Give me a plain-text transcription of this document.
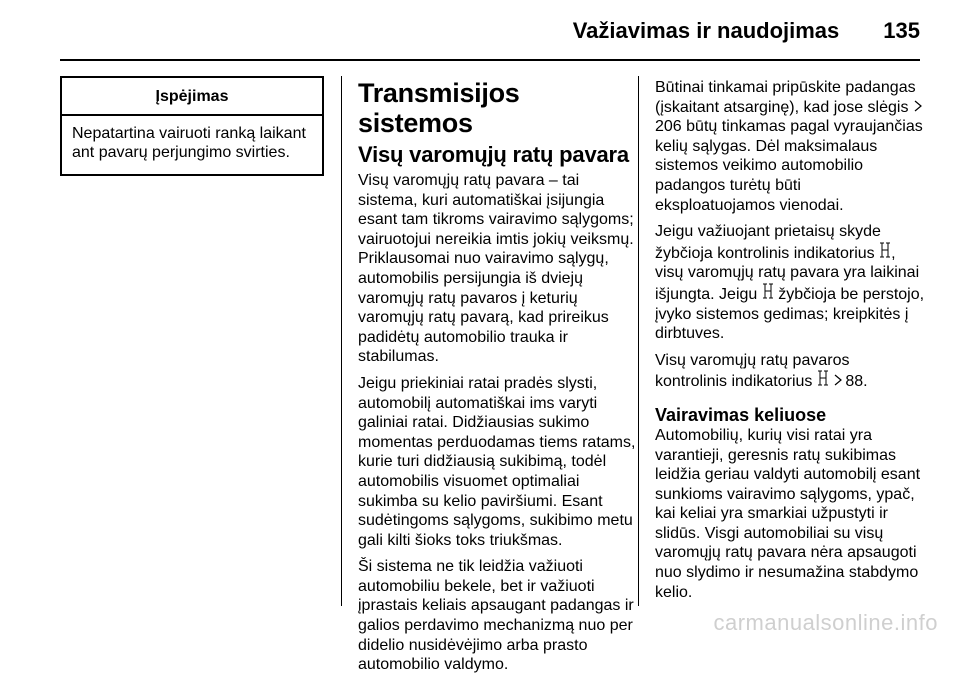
Važiavimas ir naudojimas 135
Įspėjimas
Nepatartina vairuoti ranką laikant ant pavarų perjungimo svirties.
Transmisijos sistemos
Visų varomųjų ratų pavara

Visų varomųjų ratų pavara – tai sistema, kuri automatiškai įsijungia esant tam tikroms vairavimo sąlygoms; vairuotojui nereikia imtis jokių veiksmų. Priklausomai nuo vairavimo sąlygų, automobilis persijungia iš dviejų varomųjų ratų pavaros į keturių varomųjų ratų pavarą, kad prireikus padidėtų automobilio trauka ir stabilumas.

Jeigu priekiniai ratai pradės slysti, automobilį automatiškai ims varyti galiniai ratai. Didžiausias sukimo momentas perduodamas tiems ratams, kurie turi didžiausią sukibimą, todėl automobilis visuomet optimaliai sukimba su kelio paviršiumi. Esant sudėtingoms sąlygoms, sukibimo metu gali kilti šioks toks triukšmas.

Ši sistema ne tik leidžia važiuoti automobiliu bekele, bet ir važiuoti įprastais keliais apsaugant padangas ir galios perdavimo mechanizmą nuo per didelio nusidėvėjimo arba prasto automobilio valdymo.

Būtinai tinkamai pripūskite padangas (įskaitant atsarginę), kad jose slėgis 206 būtų tinkamas pagal vyraujančias kelių sąlygas. Dėl maksimalaus sistemos veikimo automobilio padangos turėtų būti eksploatuojamos vienodai.

Jeigu važiuojant prietaisų skyde žybčioja kontrolinis indikatorius , visų varomųjų ratų pavara yra laikinai išjungta. Jeigu žybčioja be perstojo, įvyko sistemos gedimas; kreipkitės į dirbtuves.

Visų varomųjų ratų pavaros kontrolinis indikatorius 88.

Vairavimas keliuose

Automobilių, kurių visi ratai yra varantieji, geresnis ratų sukibimas leidžia geriau valdyti automobilį esant sunkioms vairavimo sąlygoms, ypač, kai keliai yra smarkiai užpustyti ir slidūs. Visgi automobiliai su visų varomųjų ratų pavara nėra apsaugoti nuo slydimo ir nesumažina stabdymo kelio.

carmanualsonline.info
